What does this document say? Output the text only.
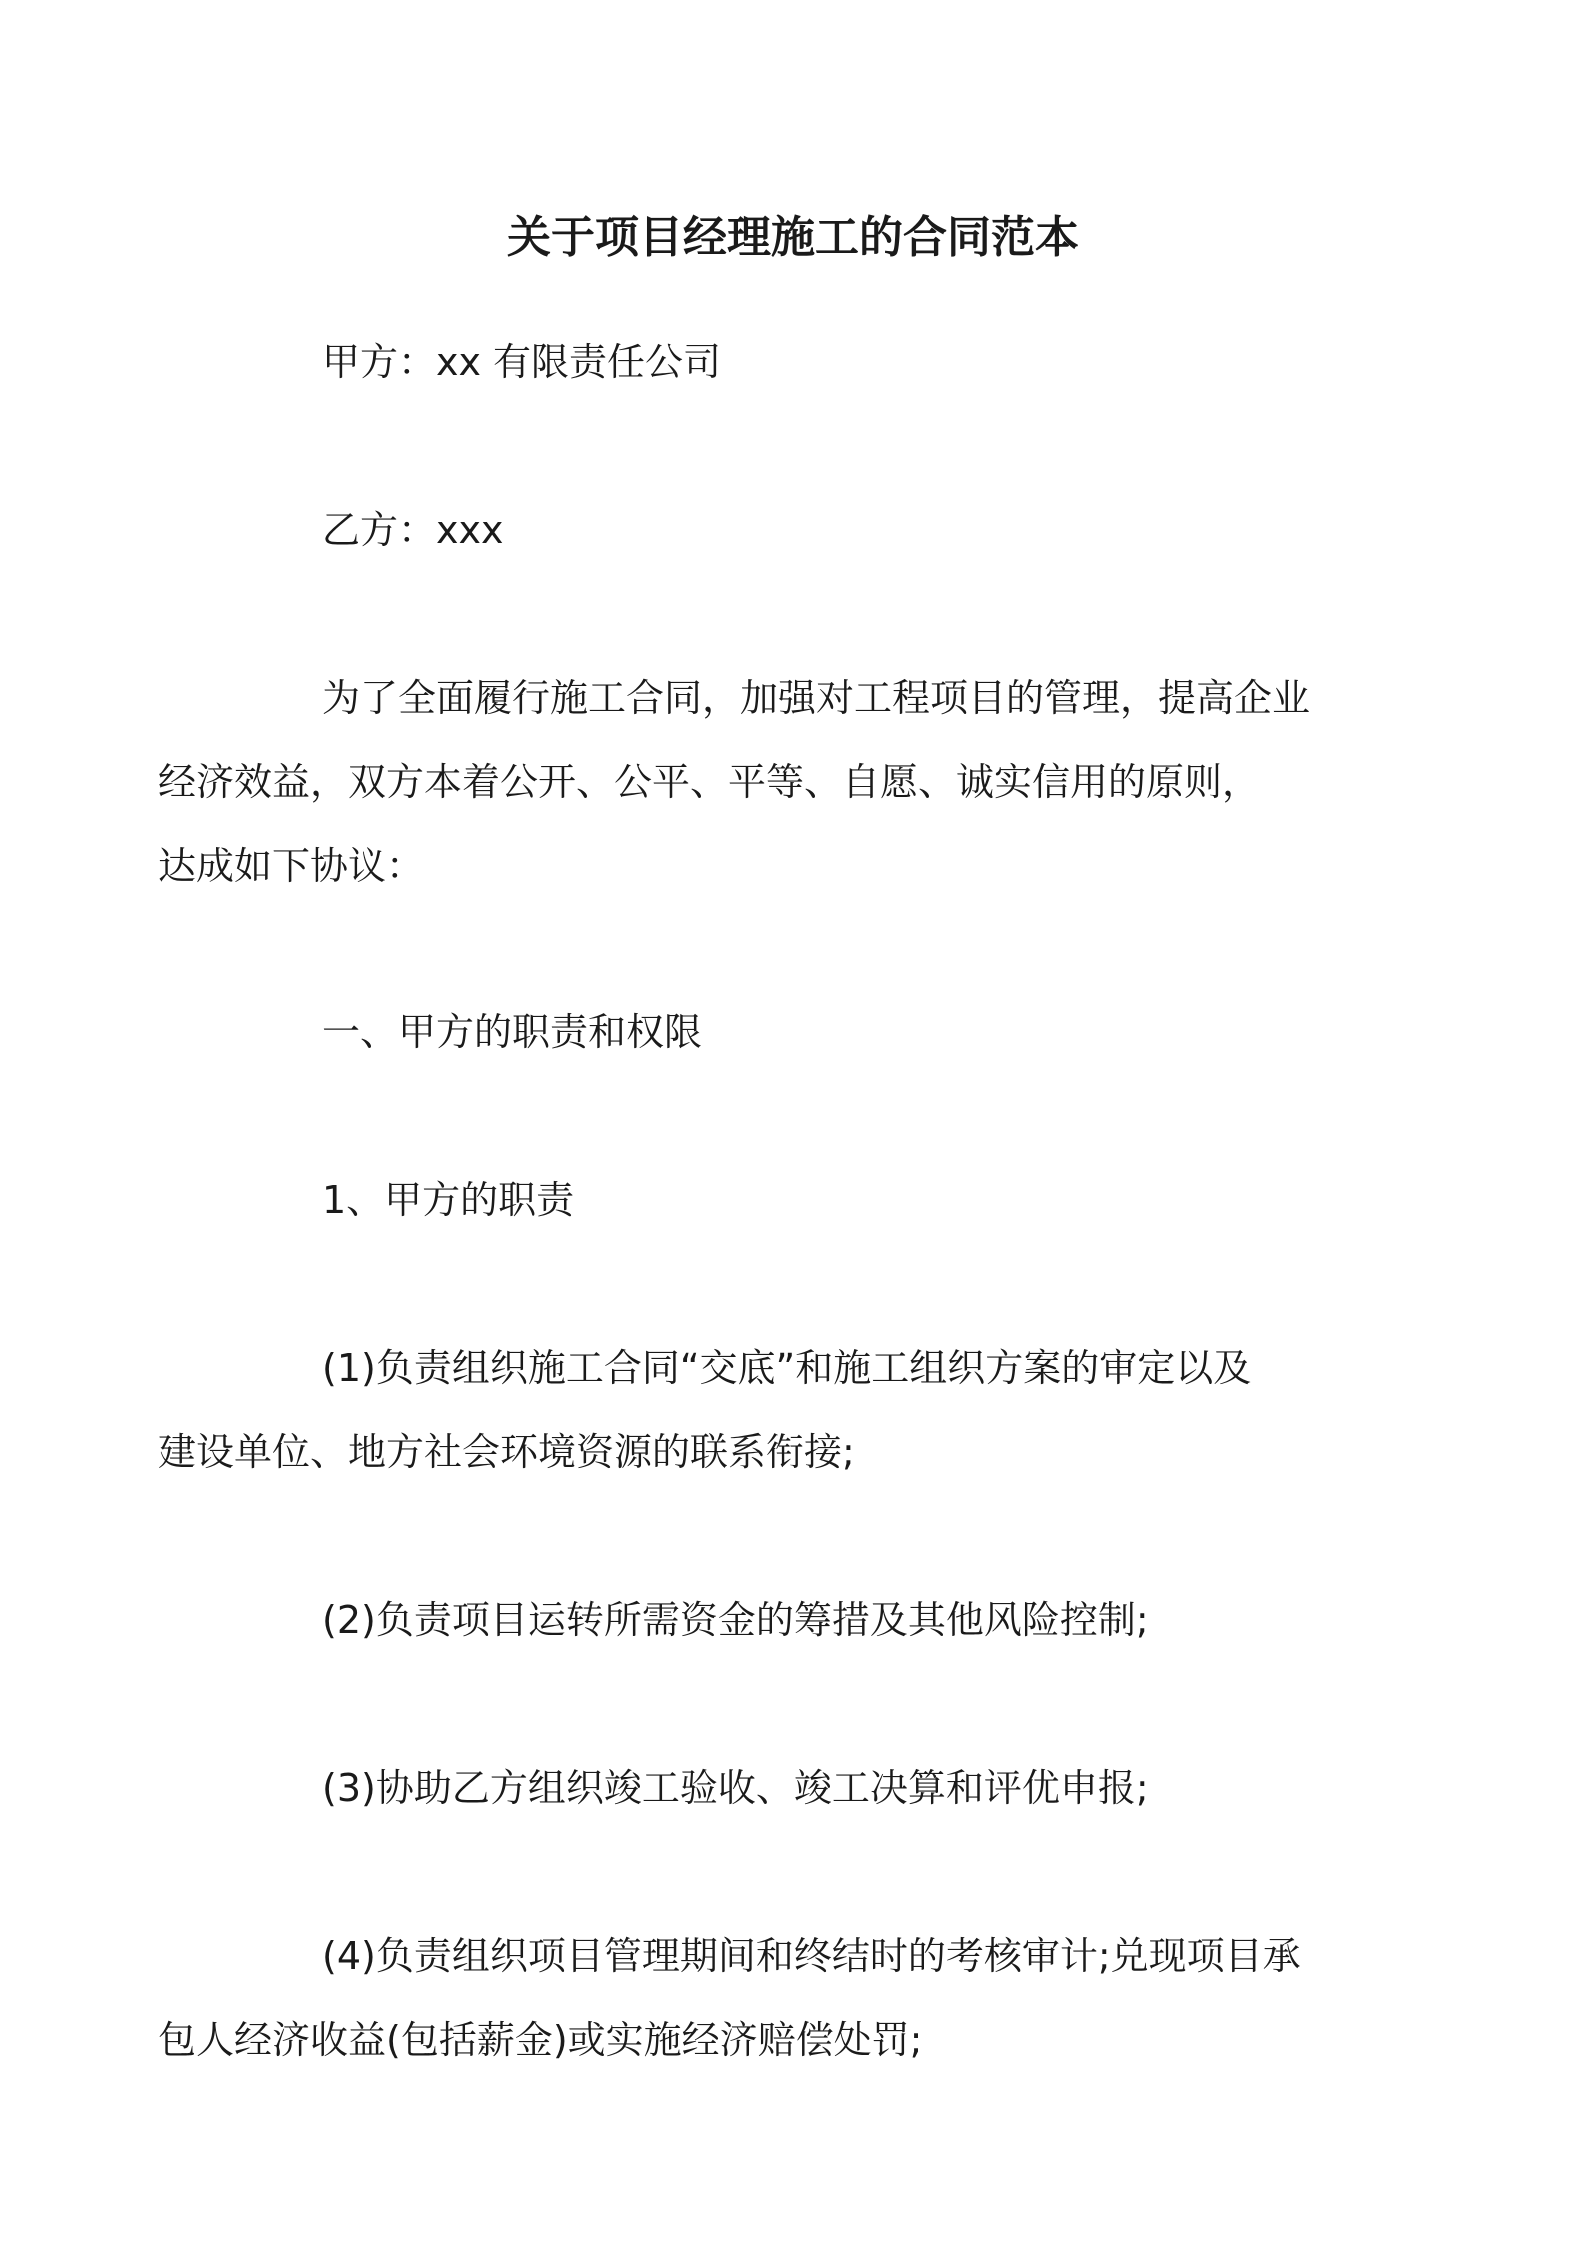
关于项目经理施工的合同范本

甲方：xx 有限责任公司

乙方：xxx

为了全面履行施工合同，加强对工程项目的管理，提高企业
经济效益，双方本着公开、公平、平等、自愿、诚实信用的原则，
达成如下协议：

一、甲方的职责和权限

1、甲方的职责

(1)负责组织施工合同“交底”和施工组织方案的审定以及
建设单位、地方社会环境资源的联系衔接;

(2)负责项目运转所需资金的筹措及其他风险控制;

(3)协助乙方组织竣工验收、竣工决算和评优申报;

(4)负责组织项目管理期间和终结时的考核审计;兑现项目承
包人经济收益(包括薪金)或实施经济赔偿处罚;
